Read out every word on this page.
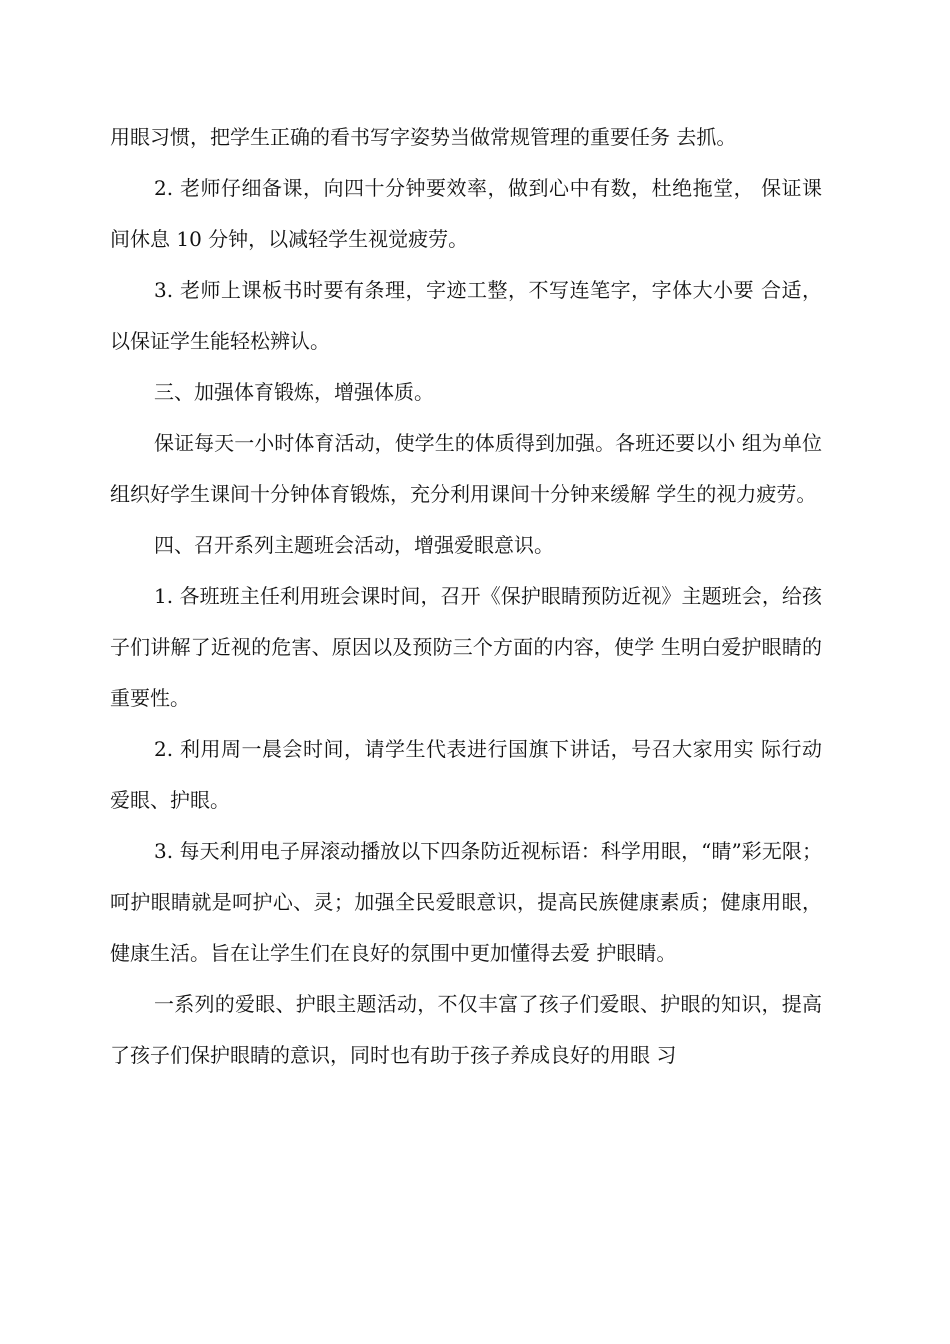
用眼习惯，把学生正确的看书写字姿势当做常规管理的重要任务 去抓。

2. 老师仔细备课，向四十分钟要效率，做到心中有数，杜绝拖堂， 保证课间休息 10 分钟，以减轻学生视觉疲劳。

3. 老师上课板书时要有条理，字迹工整，不写连笔字，字体大小要 合适，以保证学生能轻松辨认。

三、加强体育锻炼，增强体质。

保证每天一小时体育活动，使学生的体质得到加强。各班还要以小 组为单位组织好学生课间十分钟体育锻炼，充分利用课间十分钟来缓解 学生的视力疲劳。

四、召开系列主题班会活动，增强爱眼意识。

1. 各班班主任利用班会课时间，召开《保护眼睛预防近视》主题班会，给孩子们讲解了近视的危害、原因以及预防三个方面的内容，使学 生明白爱护眼睛的重要性。

2. 利用周一晨会时间，请学生代表进行国旗下讲话，号召大家用实 际行动爱眼、护眼。

3. 每天利用电子屏滚动播放以下四条防近视标语：科学用眼，“睛”彩无限；呵护眼睛就是呵护心、灵；加强全民爱眼意识，提高民族健康素质；健康用眼，健康生活。旨在让学生们在良好的氛围中更加懂得去爱 护眼睛。

一系列的爱眼、护眼主题活动，不仅丰富了孩子们爱眼、护眼的知识，提高了孩子们保护眼睛的意识，同时也有助于孩子养成良好的用眼 习
